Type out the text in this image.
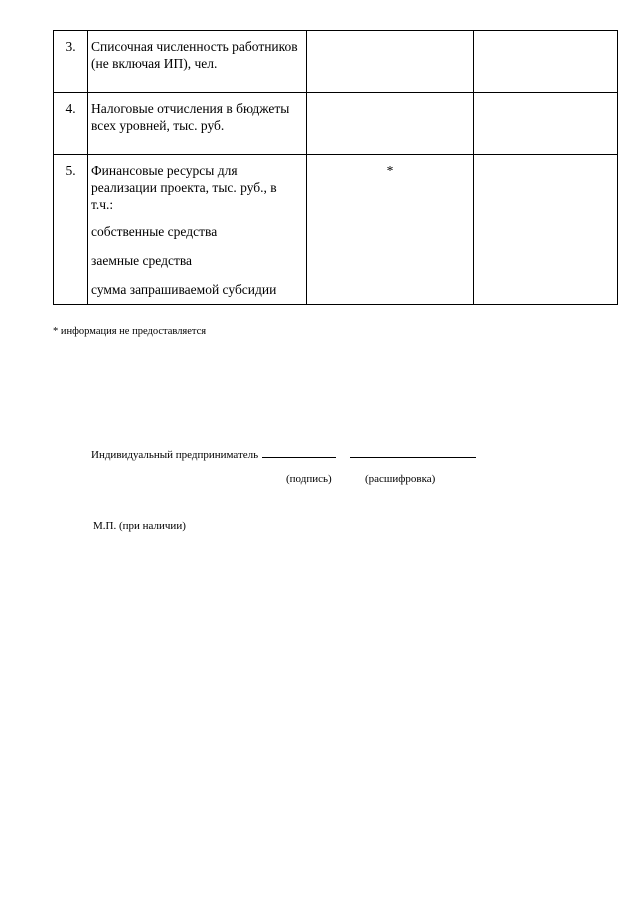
3.	Списочная численность работников (не включая ИП), чел.		

4.	Налоговые отчисления в бюджеты всех уровней, тыс. руб.		

5.	Финансовые ресурсы для реализации проекта, тыс. руб., в т.ч.:
собственные средства
заемные средства
сумма запрашиваемой субсидии	*	

* информация не предоставляется
Индивидуальный предприниматель
(подпись)	(расшифровка)
М.П. (при наличии)
